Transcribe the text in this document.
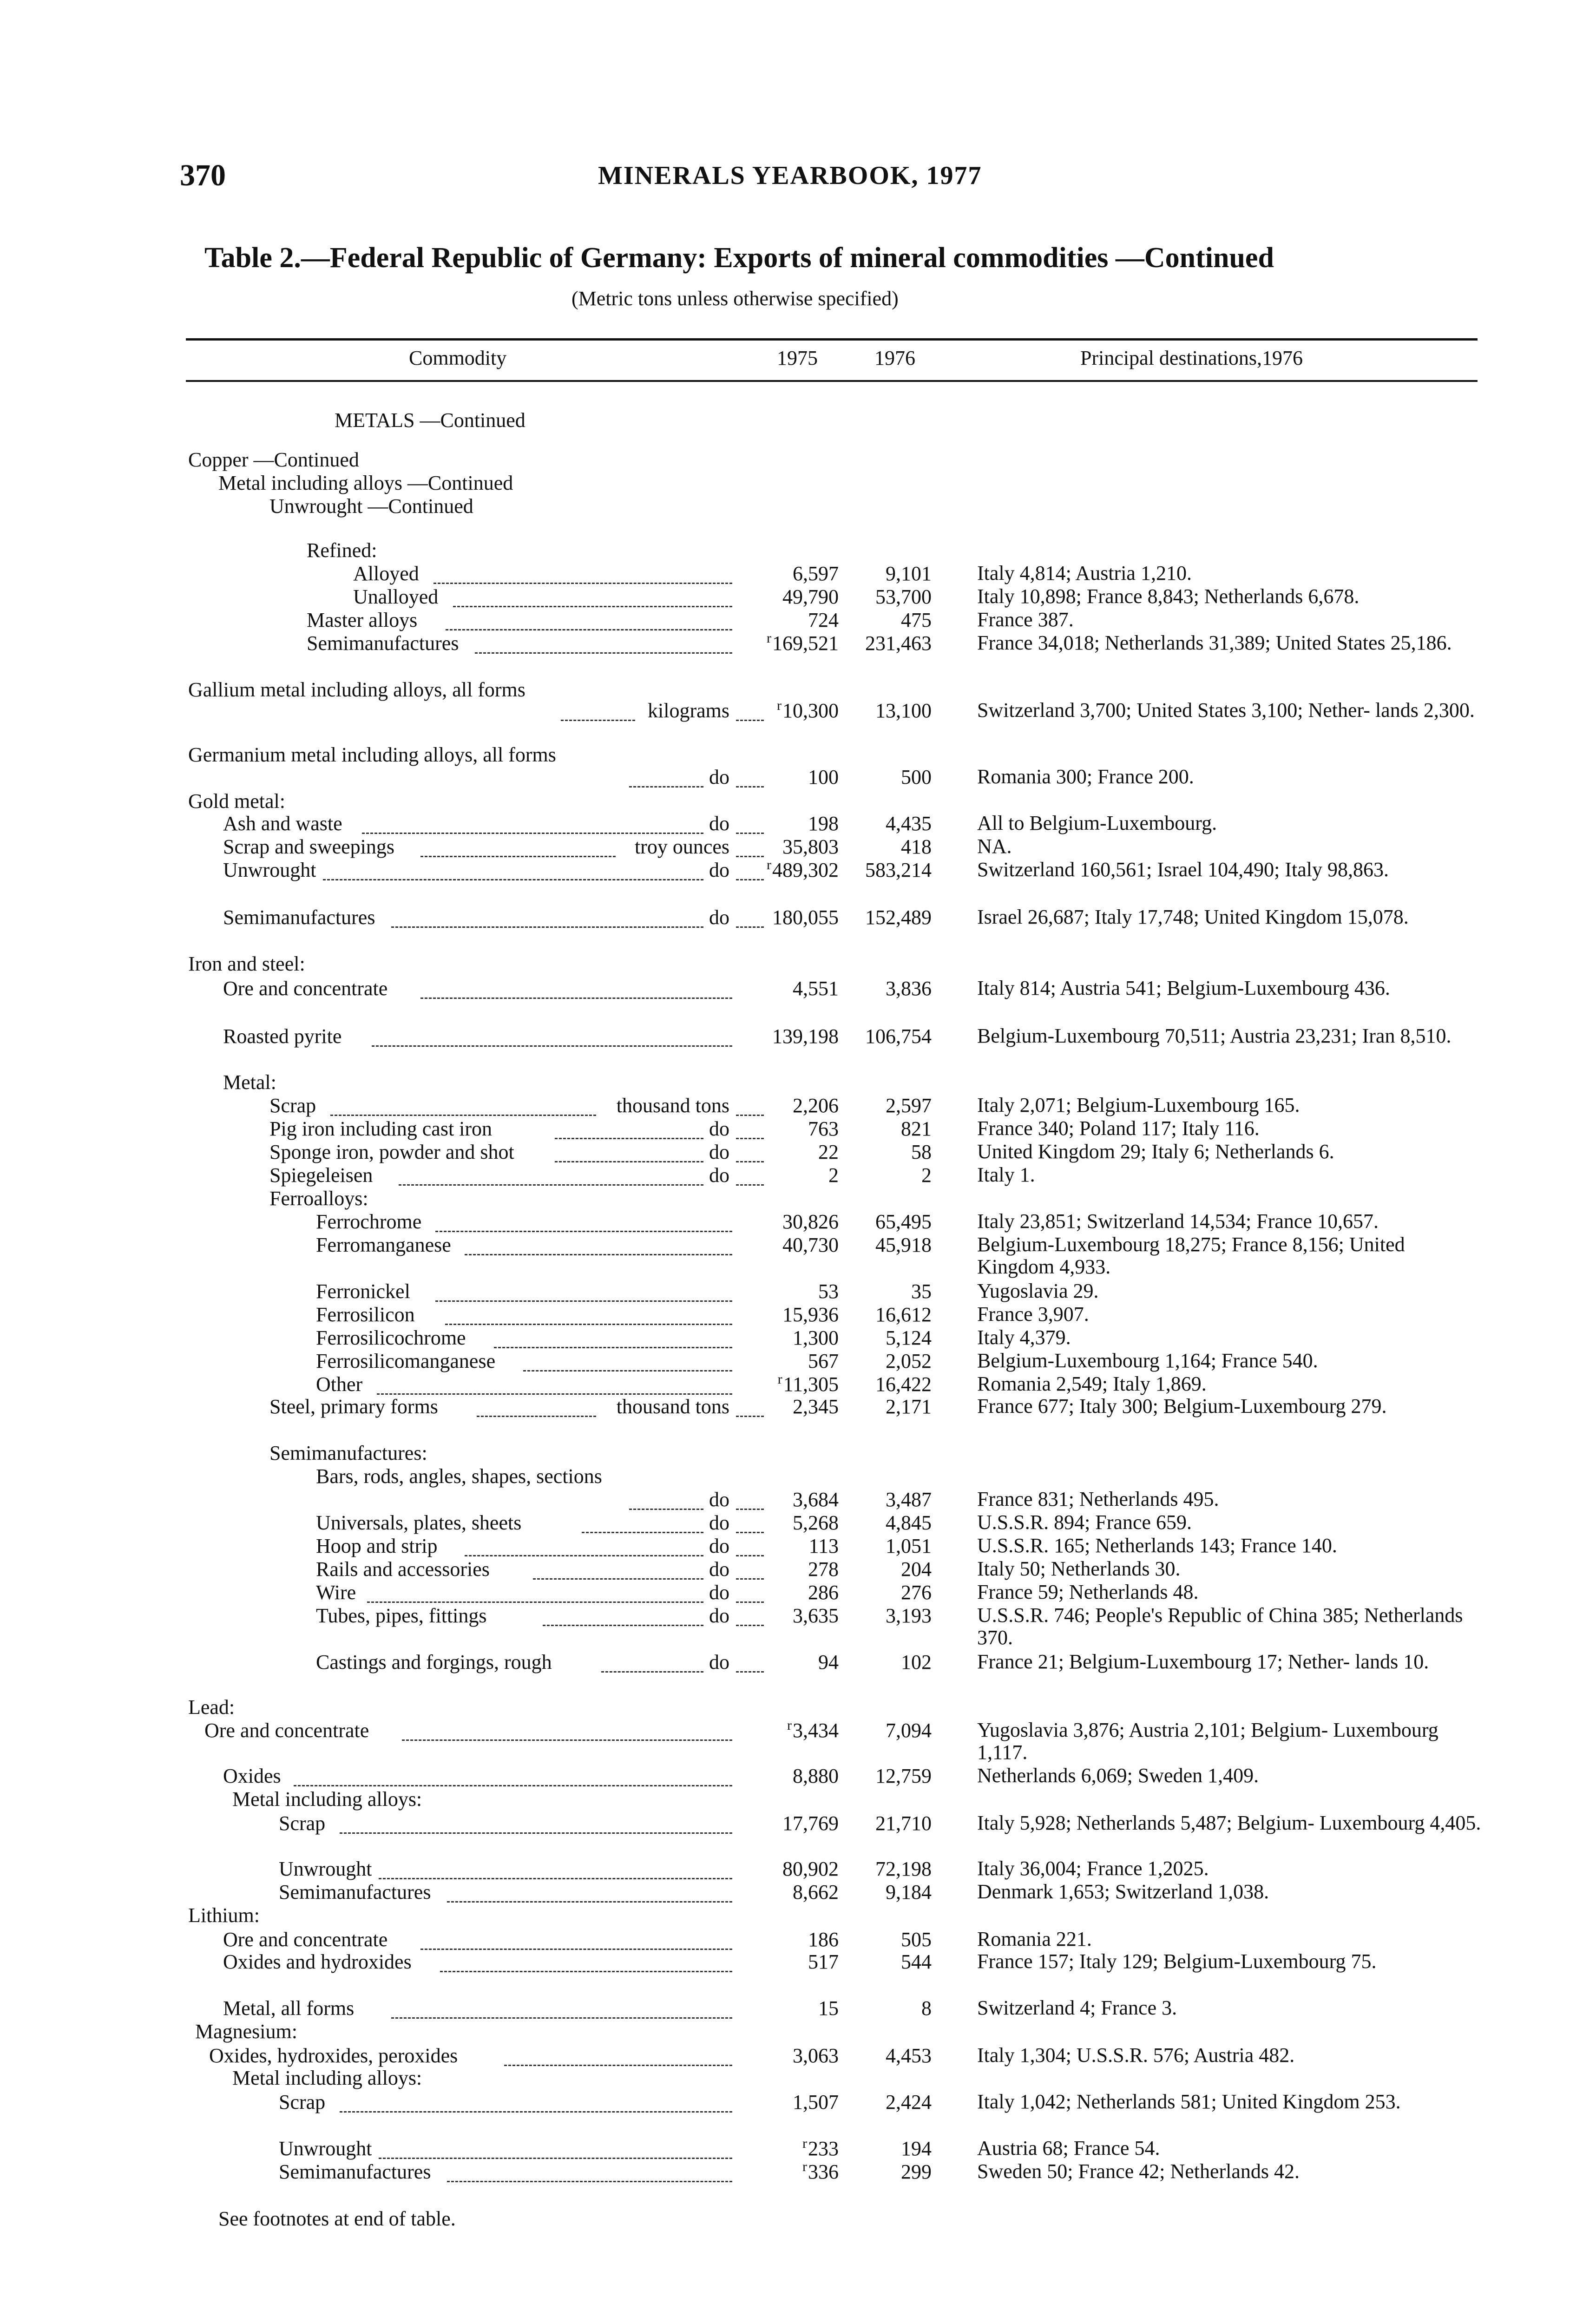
370	MINERALS YEARBOOK, 1977
Table 2.—Federal Republic of Germany: Exports of mineral commodities —Continued
(Metric tons unless otherwise specified)
Commodity	1975	1976	Principal destinations,1976
METALS —Continued
Copper —Continued
Metal including alloys —Continued
Unwrought —Continued
Refined:
Alloyed	6,597 9,101 Italy 4,814; Austria 1,210.
Unalloyed	49,790 53,700 Italy 10,898; France 8,843; Netherlands 6,678.
Master alloys	724	475 France 387.
Semimanufactures	$^r$169,521 231,463 France 34,018; Netherlands 31,389; United States 25,186.
Gallium metal including alloys, all forms
kilograms	$^r$10,300 13,100 Switzerland 3,700; United States 3,100; Nether- lands 2,300.
Germanium metal including alloys, all forms
do	100	500 Romania 300; France 200.
Gold metal:
Ash and waste	do	198 4,435 All to Belgium-Luxembourg.
Scrap and sweepings	troy ounces	35,803	418 NA.
Unwrought	do	$^r$489,302 583,214 Switzerland 160,561; Israel 104,490; Italy 98,863.
Semimanufactures	do 180,055 152,489 Israel 26,687; Italy 17,748; United Kingdom 15,078.
Iron and steel:
Ore and concentrate	4,551 3,836 Italy 814; Austria 541; Belgium-Luxembourg 436.
Roasted pyrite	139,198 106,754 Belgium-Luxembourg 70,511; Austria 23,231; Iran 8,510.
Metal:
Scrap	thousand tons	2,206 2,597 Italy 2,071; Belgium-Luxembourg 165.
Pig iron including cast iron	do	763	821 France 340; Poland 117; Italy 116.
Sponge iron, powder and shot	do	22	58 United Kingdom 29; Italy 6; Netherlands 6.
Spiegeleisen	do	2	2 Italy 1.
Ferroalloys:
Ferrochrome	30,826 65,495 Italy 23,851; Switzerland 14,534; France 10,657.
Ferromanganese	40,730 45,918 Belgium-Luxembourg 18,275; France 8,156; United Kingdom 4,933.
Ferronickel	53	35 Yugoslavia 29.
Ferrosilicon	15,936 16,612 France 3,907.
Ferrosilicochrome	1,300 5,124 Italy 4,379.
Ferrosilicomanganese	567 2,052 Belgium-Luxembourg 1,164; France 540.
Other	$^r$11,305 16,422 Romania 2,549; Italy 1,869.
Steel, primary forms	thousand tons	2,345 2,171 France 677; Italy 300; Belgium-Luxembourg 279.
Semimanufactures:
Bars, rods, angles, shapes, sections
do	3,684 3,487 France 831; Netherlands 495.
Universals, plates, sheets	do	5,268 4,845 U.S.S.R. 894; France 659.
Hoop and strip	do	113 1,051 U.S.S.R. 165; Netherlands 143; France 140.
Rails and accessories	do	278	204 Italy 50; Netherlands 30.
Wire	do	286	276 France 59; Netherlands 48.
Tubes, pipes, fittings	do	3,635 3,193 U.S.S.R. 746; People's Republic of China 385; Netherlands 370.
Castings and forgings, rough	do	94	102 France 21; Belgium-Luxembourg 17; Nether- lands 10.
Lead:
Ore and concentrate	$^r$3,434 7,094 Yugoslavia 3,876; Austria 2,101; Belgium- Luxembourg 1,117.
Oxides	8,880 12,759 Netherlands 6,069; Sweden 1,409.
Metal including alloys:
Scrap	17,769 21,710 Italy 5,928; Netherlands 5,487; Belgium- Luxembourg 4,405.
Unwrought	80,902 72,198 Italy 36,004; France 1,2025.
Semimanufactures	8,662 9,184 Denmark 1,653; Switzerland 1,038.
Lithium:
Ore and concentrate	186	505 Romania 221.
Oxides and hydroxides	517	544 France 157; Italy 129; Belgium-Luxembourg 75.
Metal, all forms	15	8 Switzerland 4; France 3.
Magnesium:
Oxides, hydroxides, peroxides	3,063 4,453 Italy 1,304; U.S.S.R. 576; Austria 482.
Metal including alloys:
Scrap	1,507 2,424 Italy 1,042; Netherlands 581; United Kingdom 253.
Unwrought	$^r$233	194 Austria 68; France 54.
Semimanufactures	$^r$336	299 Sweden 50; France 42; Netherlands 42.
See footnotes at end of table.
